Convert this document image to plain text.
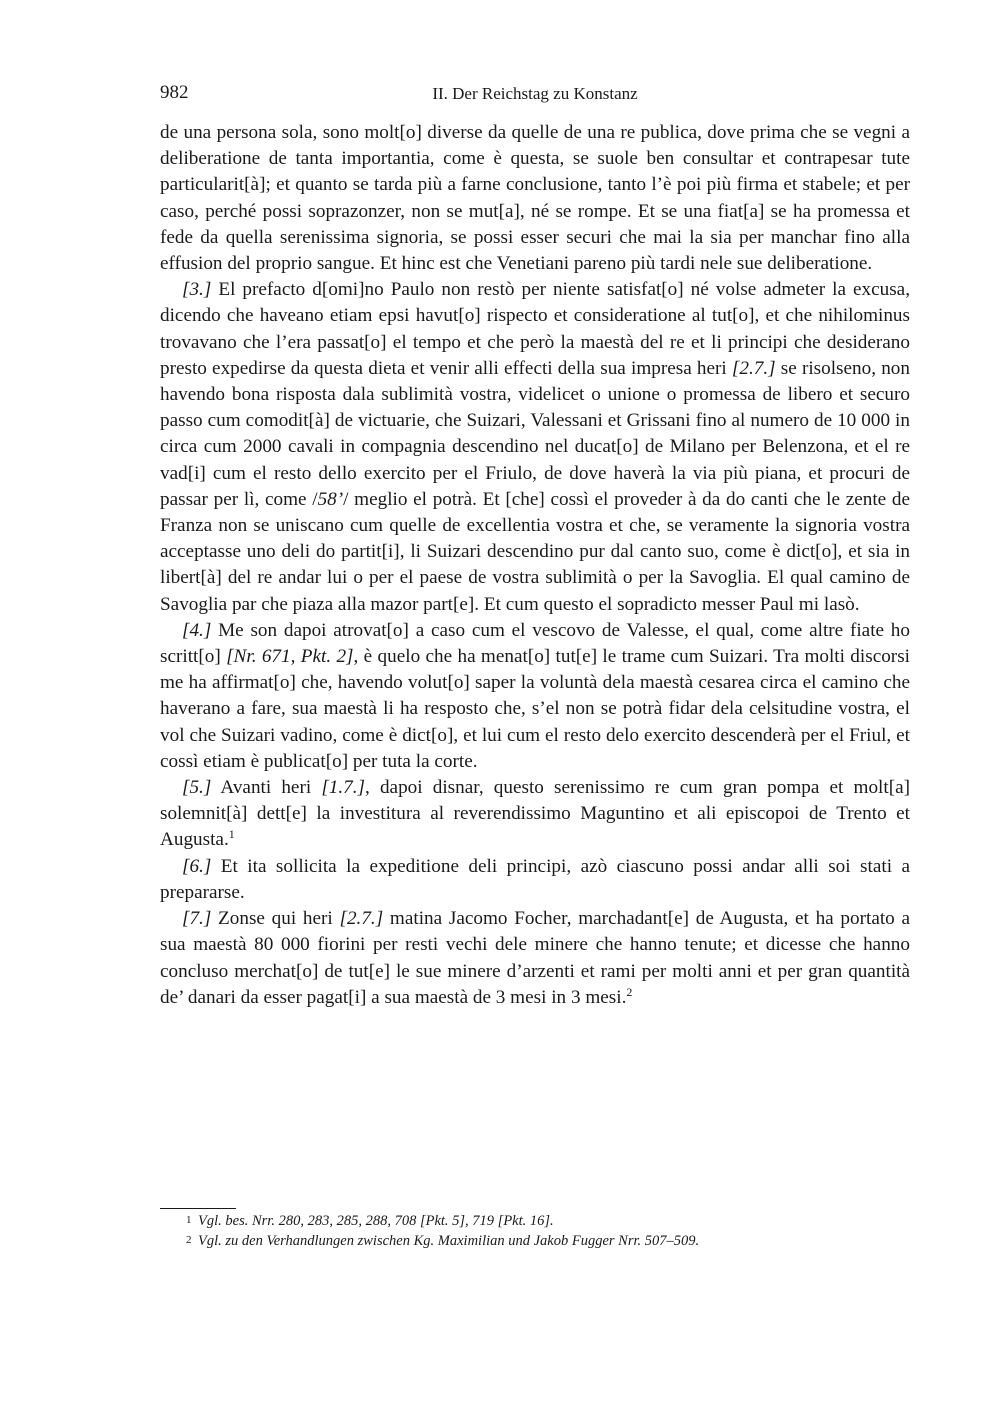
982	II. Der Reichstag zu Konstanz

de una persona sola, sono molt[o] diverse da quelle de una re publica, dove prima che se vegni a deliberatione de tanta importantia, come è questa, se suole ben consultar et contrapesar tute particularit[à]; et quanto se tarda più a farne conclusione, tanto l’è poi più firma et stabele; et per caso, perché possi soprazonzer, non se mut[a], né se rompe. Et se una fiat[a] se ha promessa et fede da quella serenissima signoria, se possi esser securi che mai la sia per manchar fino alla effusion del proprio sangue. Et hinc est che Venetiani pareno più tardi nele sue deliberatione.

[3.] El prefacto d[omi]no Paulo non restò per niente satisfat[o] né volse admeter la excusa, dicendo che haveano etiam epsi havut[o] rispecto et consideratione al tut[o], et che nihilominus trovavano che l’era passat[o] el tempo et che però la maestà del re et li principi che desiderano presto expedirse da questa dieta et venir alli effecti della sua impresa heri [2.7.] se risolseno, non havendo bona risposta dala sublimità vostra, videlicet o unione o promessa de libero et securo passo cum comodit[à] de victuarie, che Suizari, Valessani et Grissani fino al numero de 10 000 in circa cum 2000 cavali in compagnia descendino nel ducat[o] de Milano per Belenzona, et el re vad[i] cum el resto dello exercito per el Friulo, de dove haverà la via più piana, et procuri de passar per lì, come /58’/ meglio el potrà. Et [che] cossì el proveder à da do canti che le zente de Franza non se uniscano cum quelle de excellentia vostra et che, se veramente la signoria vostra acceptasse uno deli do partit[i], li Suizari descendino pur dal canto suo, come è dict[o], et sia in libert[à] del re andar lui o per el paese de vostra sublimità o per la Savoglia. El qual camino de Savoglia par che piaza alla mazor part[e]. Et cum questo el sopradicto messer Paul mi lasò.

[4.] Me son dapoi atrovat[o] a caso cum el vescovo de Valesse, el qual, come altre fiate ho scritt[o] [Nr. 671, Pkt. 2], è quelo che ha menat[o] tut[e] le trame cum Suizari. Tra molti discorsi me ha affirmat[o] che, havendo volut[o] saper la voluntà dela maestà cesarea circa el camino che haverano a fare, sua maestà li ha resposto che, s’el non se potrà fidar dela celsitudine vostra, el vol che Suizari vadino, come è dict[o], et lui cum el resto delo exercito descenderà per el Friul, et cossì etiam è publicat[o] per tuta la corte.

[5.] Avanti heri [1.7.], dapoi disnar, questo serenissimo re cum gran pompa et molt[a] solemnit[à] dett[e] la investitura al reverendissimo Maguntino et ali episcopoi de Trento et Augusta.$^1$

[6.] Et ita sollicita la expeditione deli principi, azò ciascuno possi andar alli soi stati a prepararse.

[7.] Zonse qui heri [2.7.] matina Jacomo Focher, marchadant[e] de Augusta, et ha portato a sua maestà 80 000 fiorini per resti vechi dele minere che hanno tenute; et dicesse che hanno concluso merchat[o] de tut[e] le sue minere d’arzenti et rami per molti anni et per gran quantità de’ danari da esser pagat[i] a sua maestà de 3 mesi in 3 mesi.$^2$

1 Vgl. bes. Nrr. 280, 283, 285, 288, 708 [Pkt. 5], 719 [Pkt. 16].
2 Vgl. zu den Verhandlungen zwischen Kg. Maximilian und Jakob Fugger Nrr. 507–509.
